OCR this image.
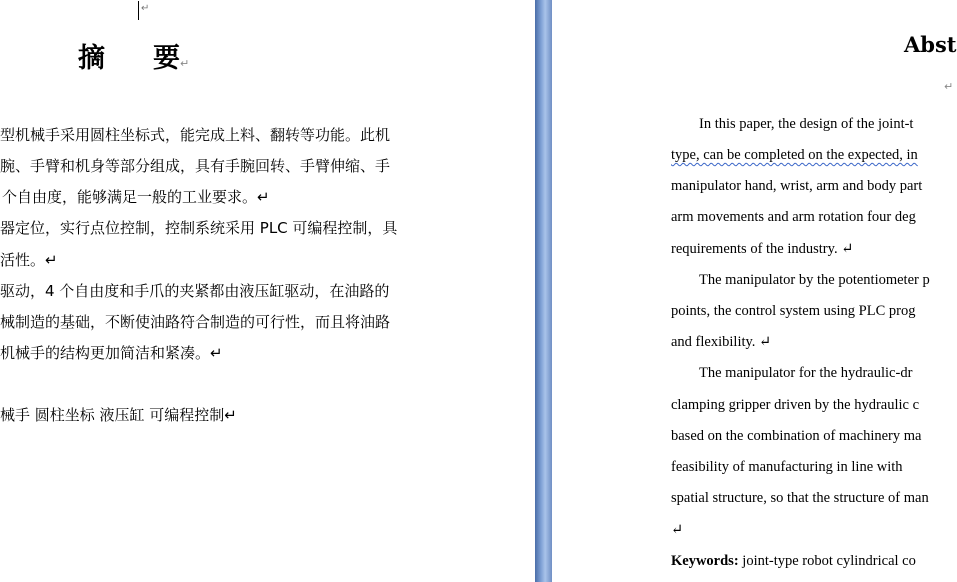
↵
摘 要↵
型机械手采用圆柱坐标式，能完成上料、翻转等功能。此机
腕、手臂和机身等部分组成，具有手腕回转、手臂伸缩、手
个自由度，能够满足一般的工业要求。↵
器定位，实行点位控制，控制系统采用 PLC 可编程控制，具
活性。↵
驱动，4 个自由度和手爪的夹紧都由液压缸驱动，在油路的
械制造的基础，不断使油路符合制造的可行性，而且将油路
机械手的结构更加简洁和紧凑。↵
械手 圆柱坐标 液压缸 可编程控制↵
Abst
↵
In this paper, the design of the joint-t
type, can be completed on the expected, in
manipulator hand, wrist, arm and body part
arm movements and arm rotation four deg
requirements of the industry. ↵
The manipulator by the potentiometer p
points, the control system using PLC prog
and flexibility. ↵
The manipulator for the hydraulic-dr
clamping gripper driven by the hydraulic c
based on the combination of machinery ma
feasibility of manufacturing in line with
spatial structure, so that the structure of man
↵
Keywords: joint-type robot cylindrical co
